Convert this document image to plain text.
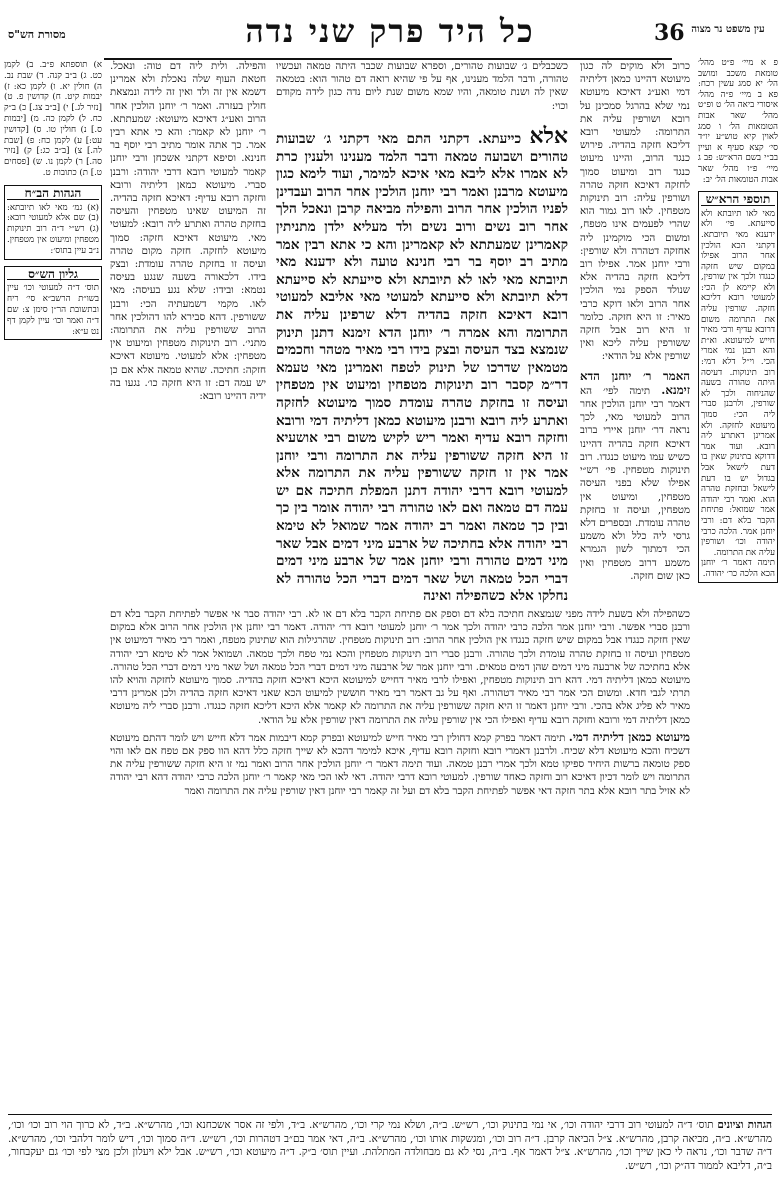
עין משפט נר מצוה
36
כל היד פרק שני נדה
מסורת הש"ס
פ א מיי׳ פ״ט מהל׳ טומאת משכב ומושב הל׳ יא סמג עשין רכח: פא ב מיי׳ פ״ה מהל׳ איסורי ביאה הל׳ ט ופ״ט מהל׳ שאר אבות הטומאות הל׳ ו סמג לאוין קיא טוש״ע יו״ד סי׳ קצא סעיף א ועיין בב״י בשם הרא״ש: פב ג מיי׳ פ״ו מהל׳ שאר אבות הטומאות הל׳ יב:
תוספי הרא״ש
מאי לאו תיובתא ולא סייעתא. פי׳ ולא ידענא מאי תיובתא. דקתני הכא הולכין אחר הרוב אפילו במקום שיש חזקה כנגדו ולכך אין שורפין, ולא קיימא לן הכי: למעוטי רובא דליכא חזקה. שורפין עליה את התרומה משום דרובא עדיף ורבי מאיר חייש למיעוטא. וא״ת והא רבנן נמי אמרי הכי. וי״ל דלא דמי: רוב תינוקות. דעיסה היתה טהורה בשעה שהניחוה ולכך לא שורפין, ולרבנן סברי ליה הכי: סמוך מיעוטא לחזקה. ולא אמרינן דאתרע ליה רובא. ועוד אמר דדוקא בתינוק שאין בו דעת לישאל אבל בגדול יש בו דעת לישאל ובחזקת טהרה הוא. ואמר רבי יהודה אמר שמואל: פתיחת הקבר בלא דם: ורבי יוחנן אמר. הלכה כרבי יהודה וכו׳ ושורפין עליה את התרומה.
תימה דאמר ר׳ יוחנן הכא הלכה כר׳ יהודה.
כרוב ולא מוקים לה כגון מיעוטא דהיינו כמאן דליתיה דמי ואע״ג דאיכא מיעוטא נמי שלא בהרגל סמכינן על רובא ושורפין עליה את התרומה: למעוטי רובא דליכא חזקה בהדיה. פירוש כנגד הרוב, והיינו מיעוט כנגד רוב ומיעוט סמוך לחזקה דאיכא חזקה טהרה ושורפין עליה: רוב תינוקות מטפחין. לאו רוב גמור הוא שהרי לפעמים אינו מטפח, ומשום הכי מוקמינן ליה אחזקה דטהרה ולא שורפין: ורבי יוחנן אמר. אפילו רוב דליכא חזקה בהדיה אלא שנולד הספק נמי הולכין אחר הרוב ולאו דוקא כרבי מאיר: זו היא חזקה. כלומר זו היא רוב אבל חזקה ששורפין עליה ליכא ואין שורפין אלא על הודאי:
האמר ר׳ יוחנן הדא זימנא. תימה לפי׳ הא דאמר רבי יוחנן הולכין אחר הרוב למעוטי מאי, לכך נראה דר׳ יוחנן איירי ברוב דאיכא חזקה בהדיה דהיינו כשיש עמו מיעוט כנגדו. רוב תינוקות מטפחין. פי׳ רש״י אפילו שלא בפני העיסה מטפחין, ומיעוט אין מטפחין, ועיסה זו בחזקת טהרה עומדת. ובספרים דלא גרסי ליה כלל ולא משמע הכי דמתוך לשון הגמרא משמע דרוב מטפחין ואין כאן שום חזקה.
כשכבלים ג׳ שבועות טהורים, וספרא שבועות שכבר היתה טמאה ועכשיו טהורה, ודבר הלמד מענינו, אף על פי שהיא רואה דם טהור הוא: בטמאה שאין לה ושנת טומאה, והיו שמא משום שנת ליום נדה כגון לידה מקודם וכוי:
אלא כייעתא. דקתני התם מאי דקתני ג׳ שבועות טהורים ושבועה טמאה ודבר הלמד מענינו ולענין כרת לא אמרו אלא ליבא מאי איכא למימר, ועוד לימא כגון מיעוטא מרבנן ואמר רבי יוחנן הולכין אחר הרוב ועבדינן לפניו הולכין אחר הרוב והפילה מביאה קרבן ונאכל הלך אחר רוב נשים ורוב נשים ולד מעליא ילדן מתניתין קאמרינן שמעתתא לא קאמרינן והא כי אתא רבין אמר מתיב רב יוסף בר רבי חנינא טועה ולא ידענא מאי תיובתא מאי לאו לא תיובתא ולא סייעתא לא סייעתא דלא תיובתא ולא סייעתא למעוטי מאי אליבא למעוטי רובא דאיכא חזקה בהדיה דלא שרפינן עליה את התרומה והא אמרה ר׳ יוחנן הדא זימנא דתנן תינוק שנמצא בצד העיסה ובצק בידו רבי מאיר מטהר וחכמים מטמאין שדרכו של תינוק לטפח ואמרינן מאי טעמא דר״מ קסבר רוב תינוקות מטפחין ומיעוט אין מטפחין ועיסה זו בחזקת טהרה עומדת סמוך מיעוטא לחזקה ואתרע ליה רובא ורבנן מיעוטא כמאן דליתיה דמי ורובא וחזקה רובא עדיף ואמר ריש לקיש משום רבי אושעיא זו היא חזקה ששורפין עליה את התרומה ורבי יוחנן אמר אין זו חזקה ששורפין עליה את התרומה אלא למעוטי רובא דרבי יהודה דתנן המפלת חתיכה אם יש עמה דם טמאה ואם לאו טהורה רבי יהודה אומר בין כך ובין כך טמאה ואמר רב יהודה אמר שמואל לא טימא רבי יהודה אלא בחתיכה של ארבע מיני דמים אבל שאר מיני דמים טהורה ורבי יוחנן אמר של ארבע מיני דמים דברי הכל טמאה ושל שאר דמים דברי הכל טהורה לא נחלקו אלא כשהפילה ואינה
והפילה. ולית ליה דם טוה: ונאכל. חטאת העוף שלה נאכלת ולא אמרינן דשמא אין זה ולד ואין זה לידה ונמצאת חולין בעזרה. ואמר ר׳ יוחנן הולכין אחר הרוב ואע״ג דאיכא מיעוטא: שמעתתא. ר׳ יוחנן לא קאמר: והא כי אתא רבין אמר. כך אתה אומר מתיב רבי יוסף בר חנינא. וסיפא דקתני אשכחן ורבי יוחנן קאמר למעוטי רובא דרבי יהודה: ורבנן סברי. מיעוטא כמאן דליתיה ורובא וחזקה רובא עדיף: דאיכא חזקה בהדיה. זה המיעוט שאינו מטפחין והעיסה בחזקת טהרה ואתרע ליה רובא: למעוטי מאי. מיעוטא דאיכא חזקה: סמוך מיעוטא לחזקה. חזקה מקום טהרה ועיסה זו בחזקת טהרה עומדת: ובצק בידו. דלכאורה בשעה שנגע בעיסה נטמא: ובידו: שלא נגע בעיסה: מאי לאו. מקמי דשמעתיה הכי: ורבנן ששורפין. דהא סבירא להו דהולכין אחר הרוב ששורפין עליה את התרומה: מתני׳. רוב תינוקות מטפחין ומיעוט אין מטפחין: אלא למעוטי. מיעוטא דאיכא חזקה: חתיכה. שהיא טמאה אלא אם כן יש עמה דם: זו היא חזקה כו׳. נגעו בה ידיה דהיינו רובא:
כשהפילה ולא בשעת לידה מפני שנמצאת חתיכה בלא דם וספק אם פתיחת הקבר בלא דם או לא. רבי יהודה סבר אי אפשר לפתיחת הקבר בלא דם ורבנן סברי אפשר. ורבי יוחנן אמר הלכה כרבי יהודה ולכך אמר ר׳ יוחנן למעוטי רובא דר׳ יהודה. דאמר רבי יוחנן אין הולכין אחר הרוב אלא במקום שאין חזקה כנגדו אבל במקום שיש חזקה כנגדו אין הולכין אחר הרוב: רוב תינוקות מטפחין. שהרגילות הוא שתינוק מטפח, ואמר רבי מאיר דמיעוט אין מטפחין ועיסה זו בחזקת טהרה עומדת ולכך טהורה. ורבנן סברי רוב תינוקות מטפחין והכא נמי טפח ולכך טמאה. ושמואל אמר לא טימא רבי יהודה אלא בחתיכה של ארבעה מיני דמים שהן דמים טמאים. ורבי יוחנן אמר של ארבעה מיני דמים דברי הכל טמאה ושל שאר מיני דמים דברי הכל טהורה. מיעוטא כמאן דליתיה דמי. דהא רוב תינוקות מטפחין, ואפילו לרבי מאיר דחייש למיעוטא היכא דאיכא חזקה בהדיה. סמוך מיעוטא לחזקה והויא להו תרתי לגבי חדא. ומשום הכי אמר רבי מאיר דטהורה. ואף על גב דאמר רבי מאיר חוששין למיעוט הכא שאני דאיכא חזקה בהדיה ולכן אמרינן דרבי מאיר לא פליג אלא בהכי. ורבי יוחנן דאמר זו היא חזקה ששורפין עליה את התרומה לא קאמר אלא היכא דליכא חזקה כנגדו. ורבנן סברי ליה מיעוטא כמאן דליתיה דמי ורובא וחזקה רובא עדיף ואפילו הכי אין שורפין עליה את התרומה דאין שורפין אלא על הודאי.
מיעוטא כמאן דליתיה דמי. תימה דאמר בפרק קמא דחולין רבי מאיר חייש למיעוטא ובפרק קמא דיבמות אמר דלא חייש ויש לומר דהתם מיעוטא דשכיח והכא מיעוטא דלא שכיח. ולרבנן דאמרי רובא וחזקה רובא עדיף, איכא למימר דהכא לא שייך חזקה כלל דהא הוו ספק אם טפח אם לאו והוי ספק טומאה ברשות היחיד ספיקו טמא ולכך אמרי רבנן טמאה. ועוד תימה דאמר ר׳ יוחנן הולכין אחר הרוב ואמר נמי זו היא חזקה ששורפין עליה את התרומה ויש לומר דכיון דאיכא רוב וחזקה כאחד שורפין. למעוטי רובא דרבי יהודה. דאי לאו הכי מאי קאמר ר׳ יוחנן הלכה כרבי יהודה דהא רבי יהודה לא אזיל בתר רובא אלא בתר חזקה דאי אפשר לפתיחת הקבר בלא דם ועל זה קאמר רבי יוחנן דאין שורפין עליה את התרומה ואמר
א) תוספתא פ״ב. ב) לקמן כט. ג) ב״ב קנה. ד) שבת נב. ה) חולין יא. ו) לקמן כא: ז) יבמות קיט. ח) קדושין פ. ט) [נזיר לג.] י) [ב״ב צג.] כ) ב״ק כח. ל) לקמן כה. מ) [יבמות ס.] נ) חולין טו. ס) [קדושין עט:] ע) לקמן כח: פ) [שבת לה.] צ) [ב״ב כג:] ק) [נזיר סה.] ר) לקמן נו. ש) [פסחים ט.] ת) כתובות ט.
הגהות הב״ח
(א) גמ׳ מאי לאו תיובתא: (ב) שם אלא למעוטי רובא: (ג) רש״י ד״ה רוב תינוקות מטפחין ומיעוט אין מטפחין. נ״ב עיין בתוס׳:
גליון הש״ס
תוס׳ ד״ה למעוטי וכו׳ עיין בשו״ת הרשב״א סי׳ ריח ובתשובת הר״ן סימן צ: שם ד״ה ואמר וכו׳ עיין לקמן דף נט ע״א:
הגהות וציונים תוס׳ ד״ה למעוטי רוב דרבי יהודה וכו׳, אי נמי בתינוק וכו׳, רש״ש. ב״ה, ושלא נמי קרי וכו׳, מהרש״א. ב״ד, ולפי זה אסר אשכחנא וכו׳, מהרש״א. ב״ד, לא כרוך הוי רוב וכו׳ וכו׳, מהרש״א. ב״ה, מביאה קרבן, מהרש״א. צ״ל הביאה קרבן. ד״ה רוב וכו׳, ומגשקות אותו וכו׳, מהרש״א. ב״ה, דאי אמר בם״ב דטהרות וכו׳, רש״ש. ד״ה סמוך וכו׳, דיש לומר דלהבי וכו׳, מהרש״א. ד״ה שדבר וכו׳, נראה לי כאן שייך וכו׳, מהרש״א. צ״ל דאמר אף. ב״ה, נסי לא גם מבחולדה המתלהת. ועיין תוס׳ ב״ק. ד״ה מיעוטא וכו׳, רש״ש. אבל ילא ויעלון ולכן מצי לפי וכו׳ גם יעקבחור, ב״ה, דליבא לממור דה״ק וכו׳, רש״ש.
